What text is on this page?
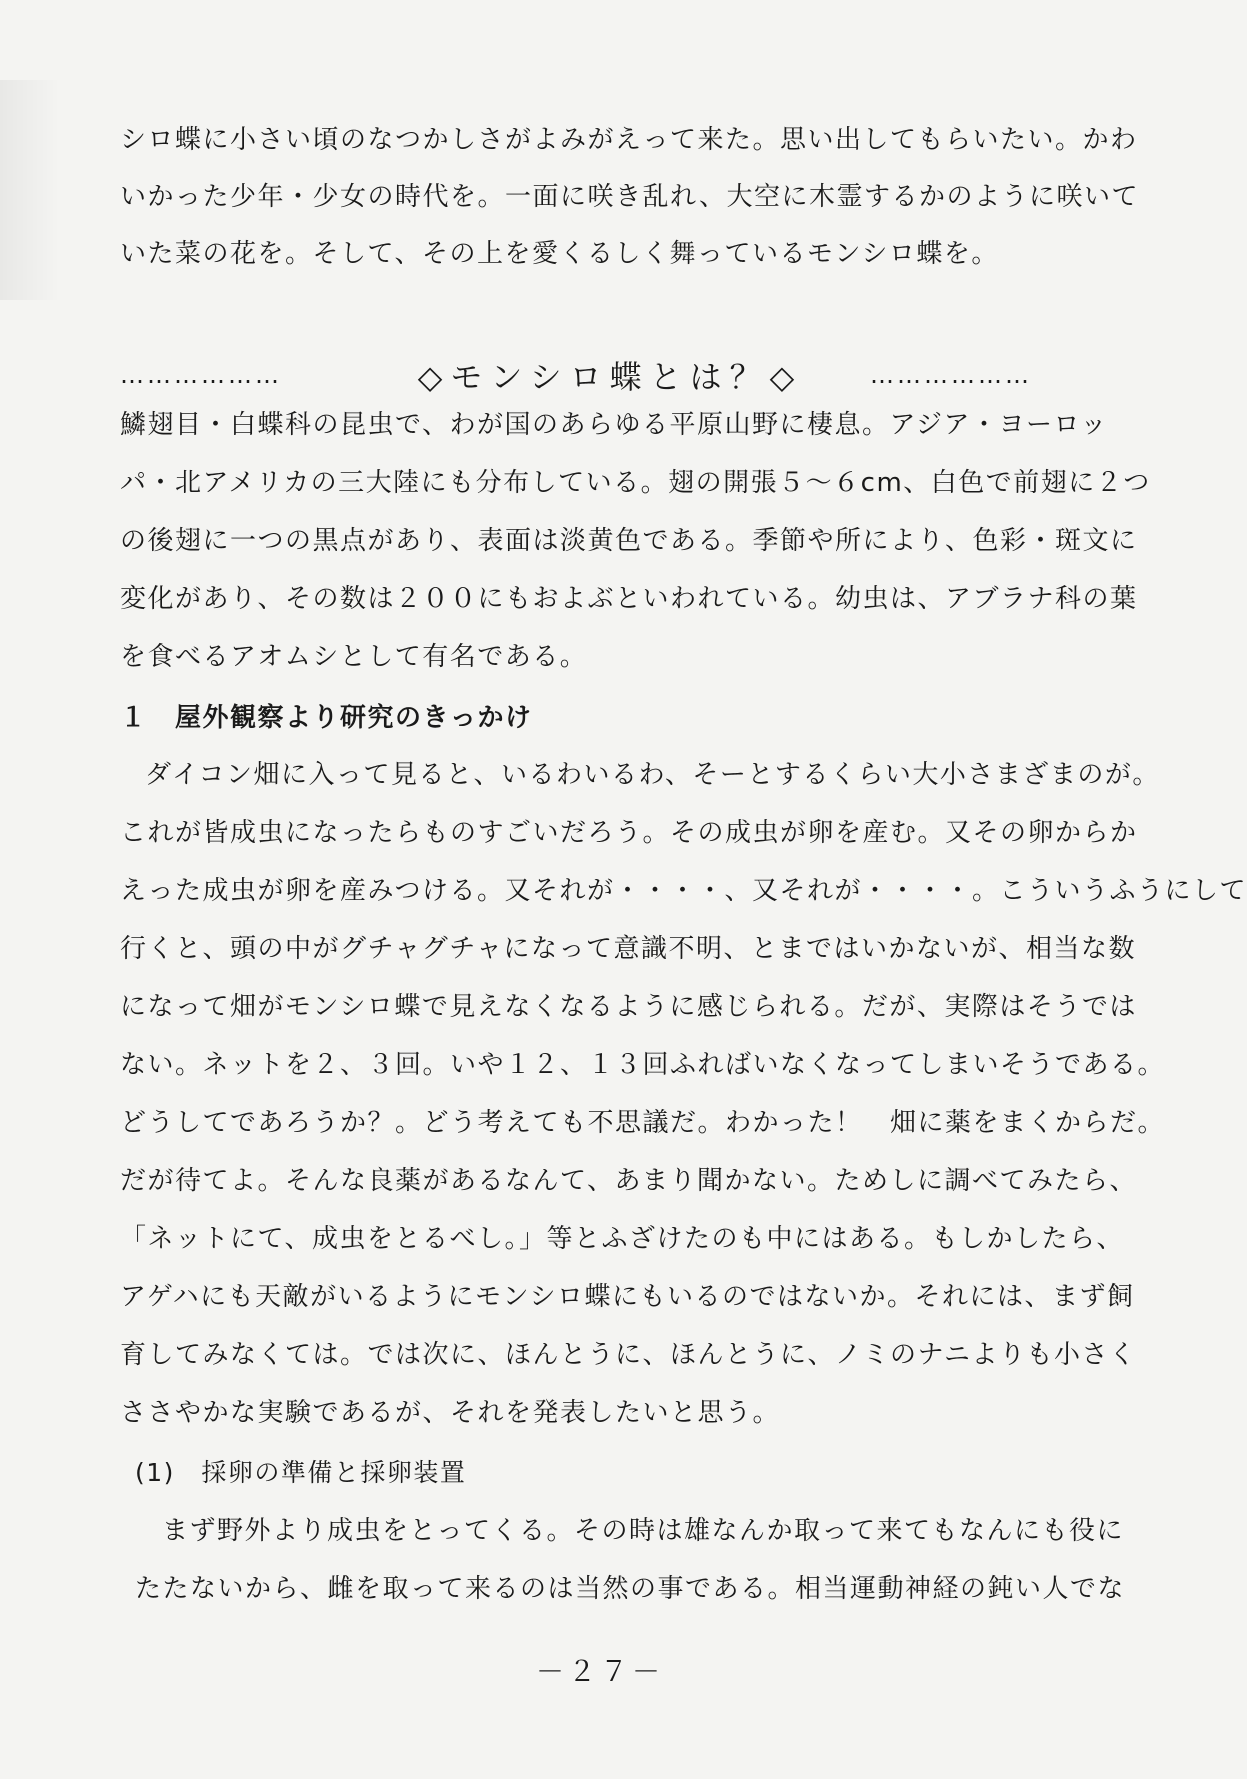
シロ蝶に小さい頃のなつかしさがよみがえって来た。思い出してもらいたい。かわ
いかった少年・少女の時代を。一面に咲き乱れ、大空に木霊するかのように咲いて
いた菜の花を。そして、その上を愛くるしく舞っているモンシロ蝶を。
………………	◇モンシロ蝶とは？◇	………………
鱗翅目・白蝶科の昆虫で、わが国のあらゆる平原山野に棲息。アジア・ヨーロッ
パ・北アメリカの三大陸にも分布している。翅の開張５～６cm、白色で前翅に２つ
の後翅に一つの黒点があり、表面は淡黄色である。季節や所により、色彩・斑文に
変化があり、その数は２００にもおよぶといわれている。幼虫は、アブラナ科の葉
を食べるアオムシとして有名である。
１　屋外観察より研究のきっかけ
ダイコン畑に入って見ると、いるわいるわ、そーとするくらい大小さまざまのが。
これが皆成虫になったらものすごいだろう。その成虫が卵を産む。又その卵からか
えった成虫が卵を産みつける。又それが・・・・、又それが・・・・。こういうふうにして
行くと、頭の中がグチャグチャになって意識不明、とまではいかないが、相当な数
になって畑がモンシロ蝶で見えなくなるように感じられる。だが、実際はそうでは
ない。ネットを２、３回。いや１２、１３回ふればいなくなってしまいそうである。
どうしてであろうか？。どう考えても不思議だ。わかった！　畑に薬をまくからだ。
だが待てよ。そんな良薬があるなんて、あまり聞かない。ためしに調べてみたら、
「ネットにて、成虫をとるべし。」等とふざけたのも中にはある。もしかしたら、
アゲハにも天敵がいるようにモンシロ蝶にもいるのではないか。それには、まず飼
育してみなくては。では次に、ほんとうに、ほんとうに、ノミのナニよりも小さく
ささやかな実験であるが、それを発表したいと思う。
(1)　採卵の準備と採卵装置
まず野外より成虫をとってくる。その時は雄なんか取って来てもなんにも役に
たたないから、雌を取って来るのは当然の事である。相当運動神経の鈍い人でな
－２７－
